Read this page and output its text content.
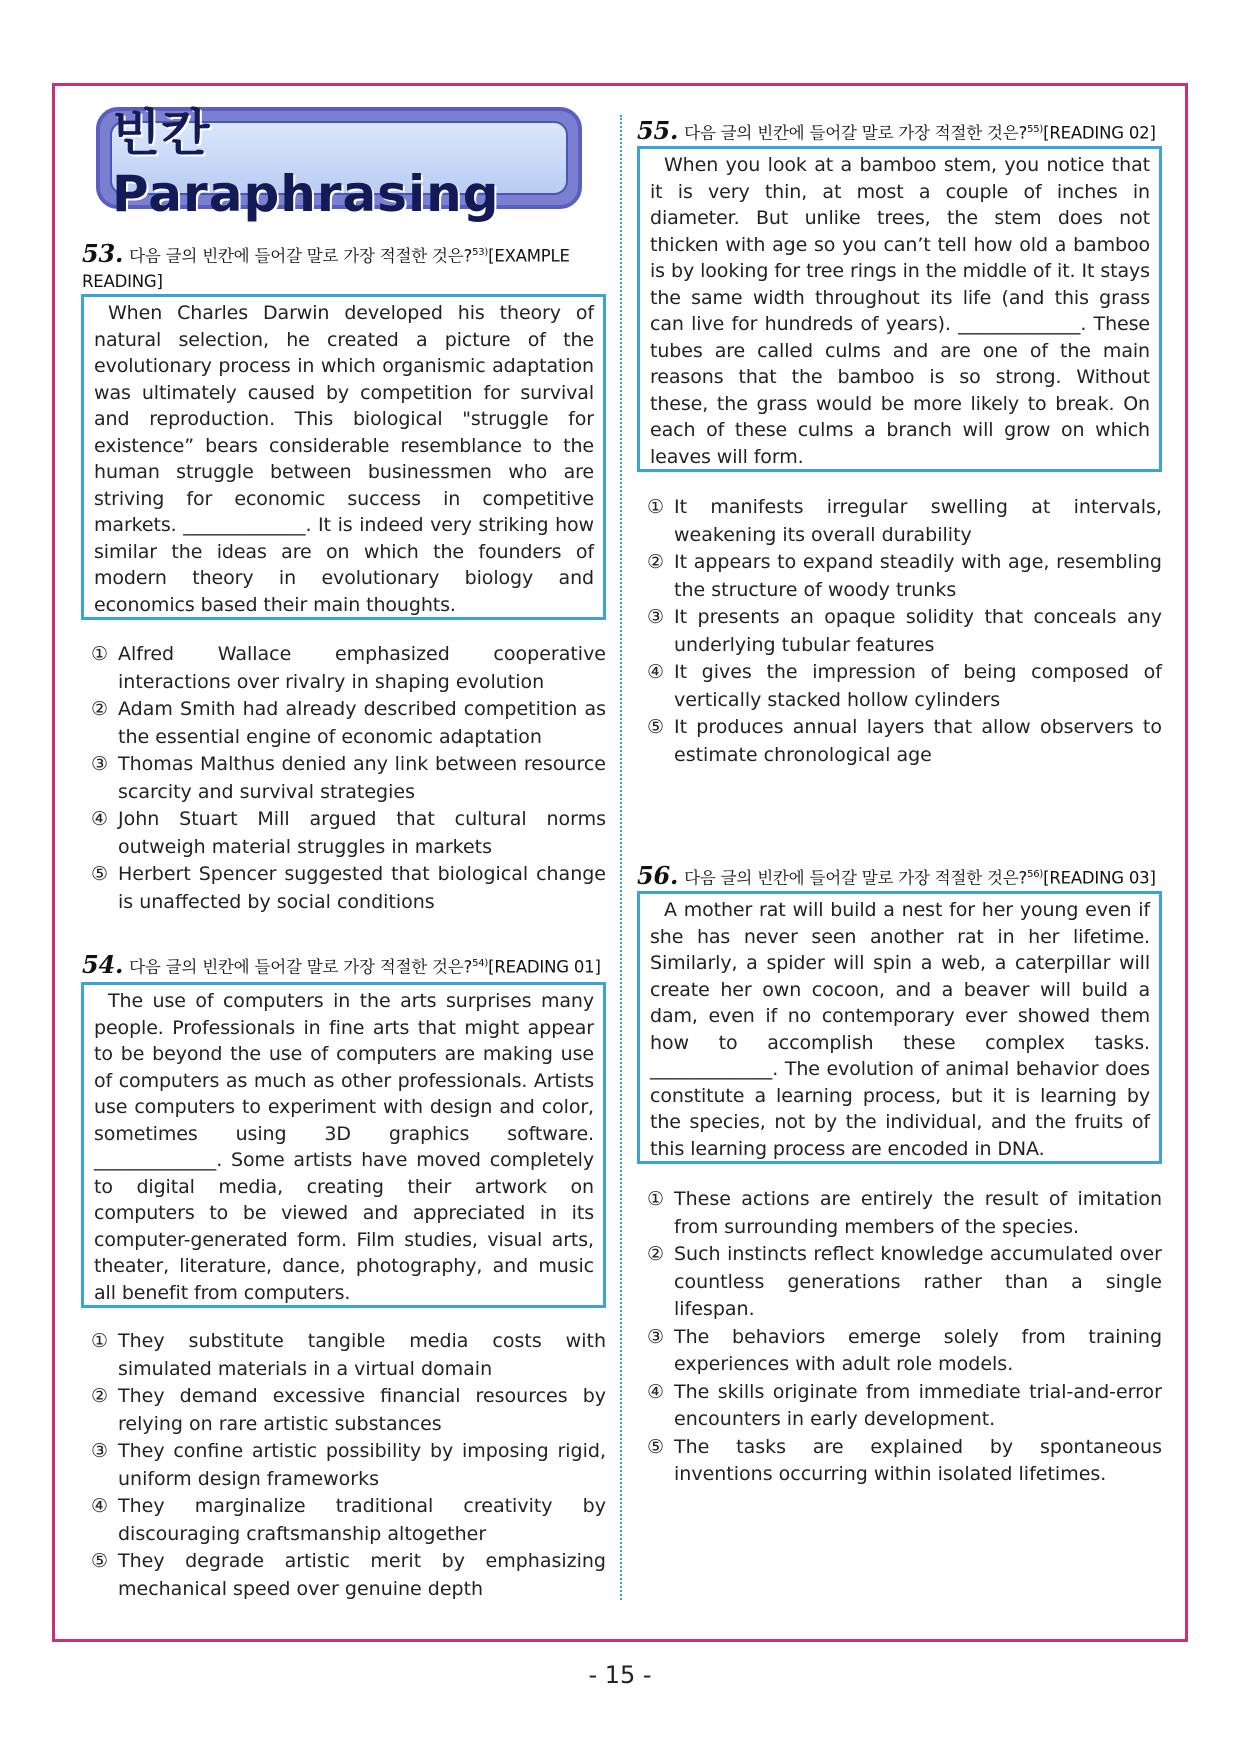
빈칸 Paraphrasing
53. 다음 글의 빈칸에 들어갈 말로 가장 적절한 것은?$^{53)}$[EXAMPLE READING]

When Charles Darwin developed his theory of natural selection, he created a picture of the evolutionary process in which organismic adaptation was ultimately caused by competition for survival and reproduction. This biological "struggle for existence” bears considerable resemblance to the human struggle between businessmen who are striving for economic success in competitive markets. _____________. It is indeed very striking how similar the ideas are on which the founders of modern theory in evolutionary biology and economics based their main thoughts.

① Alfred Wallace emphasized cooperative interactions over rivalry in shaping evolution
② Adam Smith had already described competition as the essential engine of economic adaptation
③ Thomas Malthus denied any link between resource scarcity and survival strategies
④ John Stuart Mill argued that cultural norms outweigh material struggles in markets
⑤ Herbert Spencer suggested that biological change is unaffected by social conditions
54. 다음 글의 빈칸에 들어갈 말로 가장 적절한 것은?$^{54)}$[READING 01]

The use of computers in the arts surprises many people. Professionals in fine arts that might appear to be beyond the use of computers are making use of computers as much as other professionals. Artists use computers to experiment with design and color, sometimes using 3D graphics software. _____________. Some artists have moved completely to digital media, creating their artwork on computers to be viewed and appreciated in its computer-generated form. Film studies, visual arts, theater, literature, dance, photography, and music all benefit from computers.

① They substitute tangible media costs with simulated materials in a virtual domain
② They demand excessive financial resources by relying on rare artistic substances
③ They confine artistic possibility by imposing rigid, uniform design frameworks
④ They marginalize traditional creativity by discouraging craftsmanship altogether
⑤ They degrade artistic merit by emphasizing mechanical speed over genuine depth
55. 다음 글의 빈칸에 들어갈 말로 가장 적절한 것은?$^{55)}$[READING 02]

When you look at a bamboo stem, you notice that it is very thin, at most a couple of inches in diameter. But unlike trees, the stem does not thicken with age so you can’t tell how old a bamboo is by looking for tree rings in the middle of it. It stays the same width throughout its life (and this grass can live for hundreds of years). _____________. These tubes are called culms and are one of the main reasons that the bamboo is so strong. Without these, the grass would be more likely to break. On each of these culms a branch will grow on which leaves will form.

① It manifests irregular swelling at intervals, weakening its overall durability
② It appears to expand steadily with age, resembling the structure of woody trunks
③ It presents an opaque solidity that conceals any underlying tubular features
④ It gives the impression of being composed of vertically stacked hollow cylinders
⑤ It produces annual layers that allow observers to estimate chronological age
56. 다음 글의 빈칸에 들어갈 말로 가장 적절한 것은?$^{56)}$[READING 03]

A mother rat will build a nest for her young even if she has never seen another rat in her lifetime. Similarly, a spider will spin a web, a caterpillar will create her own cocoon, and a beaver will build a dam, even if no contemporary ever showed them how to accomplish these complex tasks. _____________. The evolution of animal behavior does constitute a learning process, but it is learning by the species, not by the individual, and the fruits of this learning process are encoded in DNA.

① These actions are entirely the result of imitation from surrounding members of the species.
② Such instincts reflect knowledge accumulated over countless generations rather than a single lifespan.
③ The behaviors emerge solely from training experiences with adult role models.
④ The skills originate from immediate trial-and-error encounters in early development.
⑤ The tasks are explained by spontaneous inventions occurring within isolated lifetimes.
- 15 -
